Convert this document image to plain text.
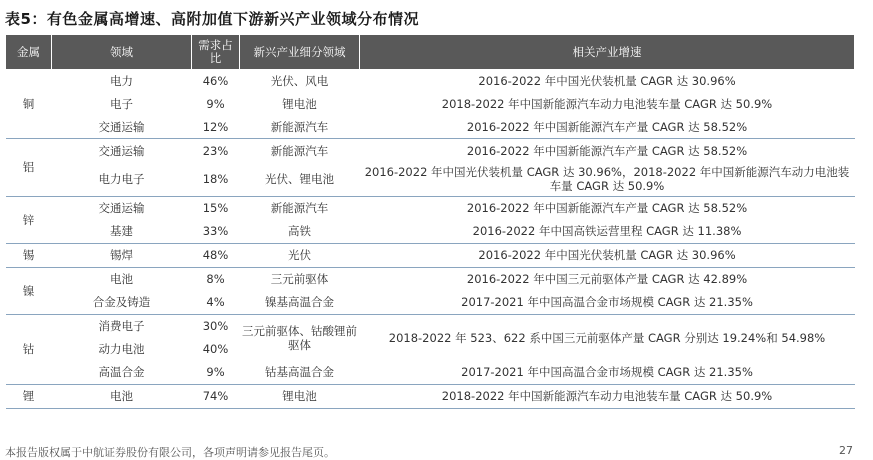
表5：有色金属高增速、高附加值下游新兴产业领域分布情况
金属	领域	需求占比	新兴产业细分领域	相关产业增速
铜	电力	46%	光伏、风电	2016-2022 年中国光伏装机量 CAGR 达 30.96%
	电子	9%	锂电池	2018-2022 年中国新能源汽车动力电池装车量 CAGR 达 50.9%
	交通运输	12%	新能源汽车	2016-2022 年中国新能源汽车产量 CAGR 达 58.52%
铝	交通运输	23%	新能源汽车	2016-2022 年中国新能源汽车产量 CAGR 达 58.52%
	电力电子	18%	光伏、锂电池	2016-2022 年中国光伏装机量 CAGR 达 30.96%，2018-2022 年中国新能源汽车动力电池装车量 CAGR 达 50.9%
锌	交通运输	15%	新能源汽车	2016-2022 年中国新能源汽车产量 CAGR 达 58.52%
	基建	33%	高铁	2016-2022 年中国高铁运营里程 CAGR 达 11.38%
锡	锡焊	48%	光伏	2016-2022 年中国光伏装机量 CAGR 达 30.96%
镍	电池	8%	三元前驱体	2016-2022 年中国三元前驱体产量 CAGR 达 42.89%
	合金及铸造	4%	镍基高温合金	2017-2021 年中国高温合金市场规模 CAGR 达 21.35%
钴	消费电子	30%	三元前驱体、钴酸锂前驱体	2018-2022 年 523、622 系中国三元前驱体产量 CAGR 分别达 19.24%和 54.98%
	动力电池	40%		
	高温合金	9%	钴基高温合金	2017-2021 年中国高温合金市场规模 CAGR 达 21.35%
锂	电池	74%	锂电池	2018-2022 年中国新能源汽车动力电池装车量 CAGR 达 50.9%
本报告版权属于中航证券股份有限公司，各项声明请参见报告尾页。	27
